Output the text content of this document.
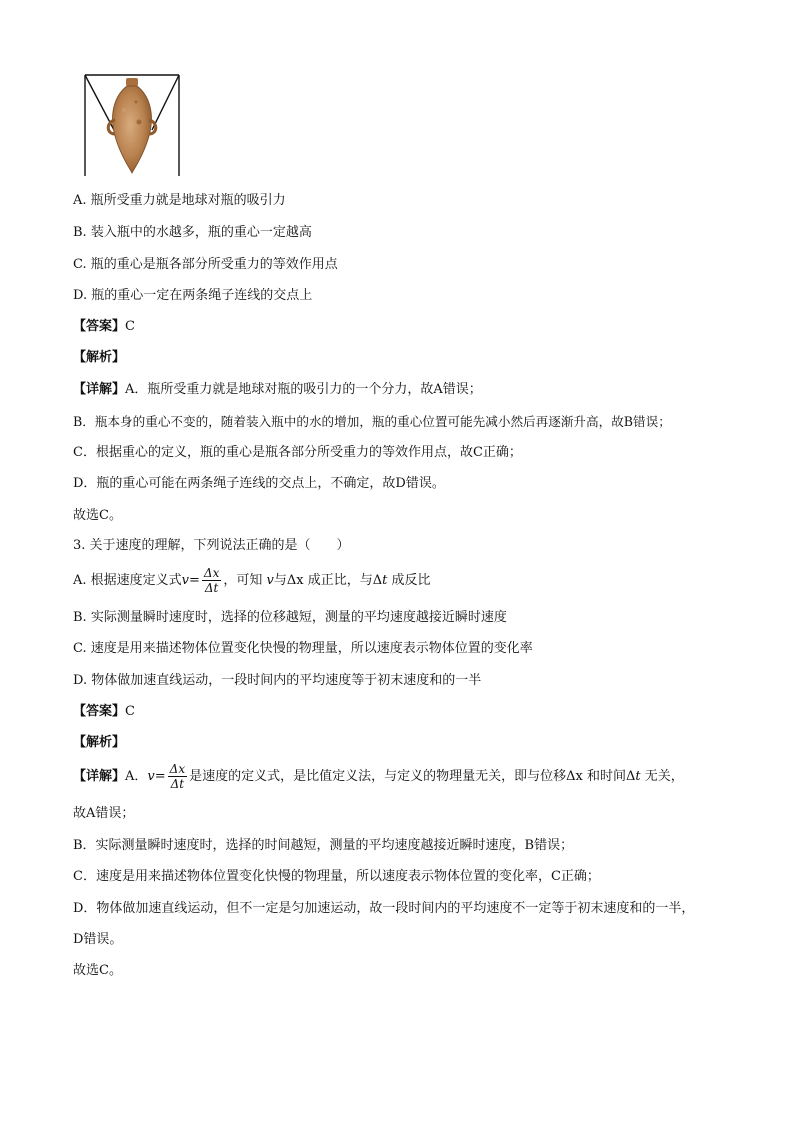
A. 瓶所受重力就是地球对瓶的吸引力
B. 装入瓶中的水越多，瓶的重心一定越高
C. 瓶的重心是瓶各部分所受重力的等效作用点
D. 瓶的重心一定在两条绳子连线的交点上
【答案】C
【解析】
【详解】A．瓶所受重力就是地球对瓶的吸引力的一个分力，故A错误；
B．瓶本身的重心不变的，随着装入瓶中的水的增加，瓶的重心位置可能先减小然后再逐渐升高，故B错误；
C．根据重心的定义，瓶的重心是瓶各部分所受重力的等效作用点，故C正确；
D．瓶的重心可能在两条绳子连线的交点上，不确定，故D错误。
故选C。
3. 关于速度的理解，下列说法正确的是（　　）
A. 根据速度定义式$v= \frac{\Delta x}{\Delta t}$ ，可知 v与Δx 成正比，与Δt 成反比
B. 实际测量瞬时速度时，选择的位移越短，测量的平均速度越接近瞬时速度
C. 速度是用来描述物体位置变化快慢的物理量，所以速度表示物体位置的变化率
D. 物体做加速直线运动，一段时间内的平均速度等于初末速度和的一半
【答案】C
【解析】
【详解】A．$v= \frac{\Delta x}{\Delta t}$ 是速度的定义式，是比值定义法，与定义的物理量无关，即与位移Δx 和时间Δt 无关，
故A错误；
B．实际测量瞬时速度时，选择的时间越短，测量的平均速度越接近瞬时速度，B错误；
C．速度是用来描述物体位置变化快慢的物理量，所以速度表示物体位置的变化率，C正确；
D．物体做加速直线运动，但不一定是匀加速运动，故一段时间内的平均速度不一定等于初末速度和的一半，
D错误。
故选C。
